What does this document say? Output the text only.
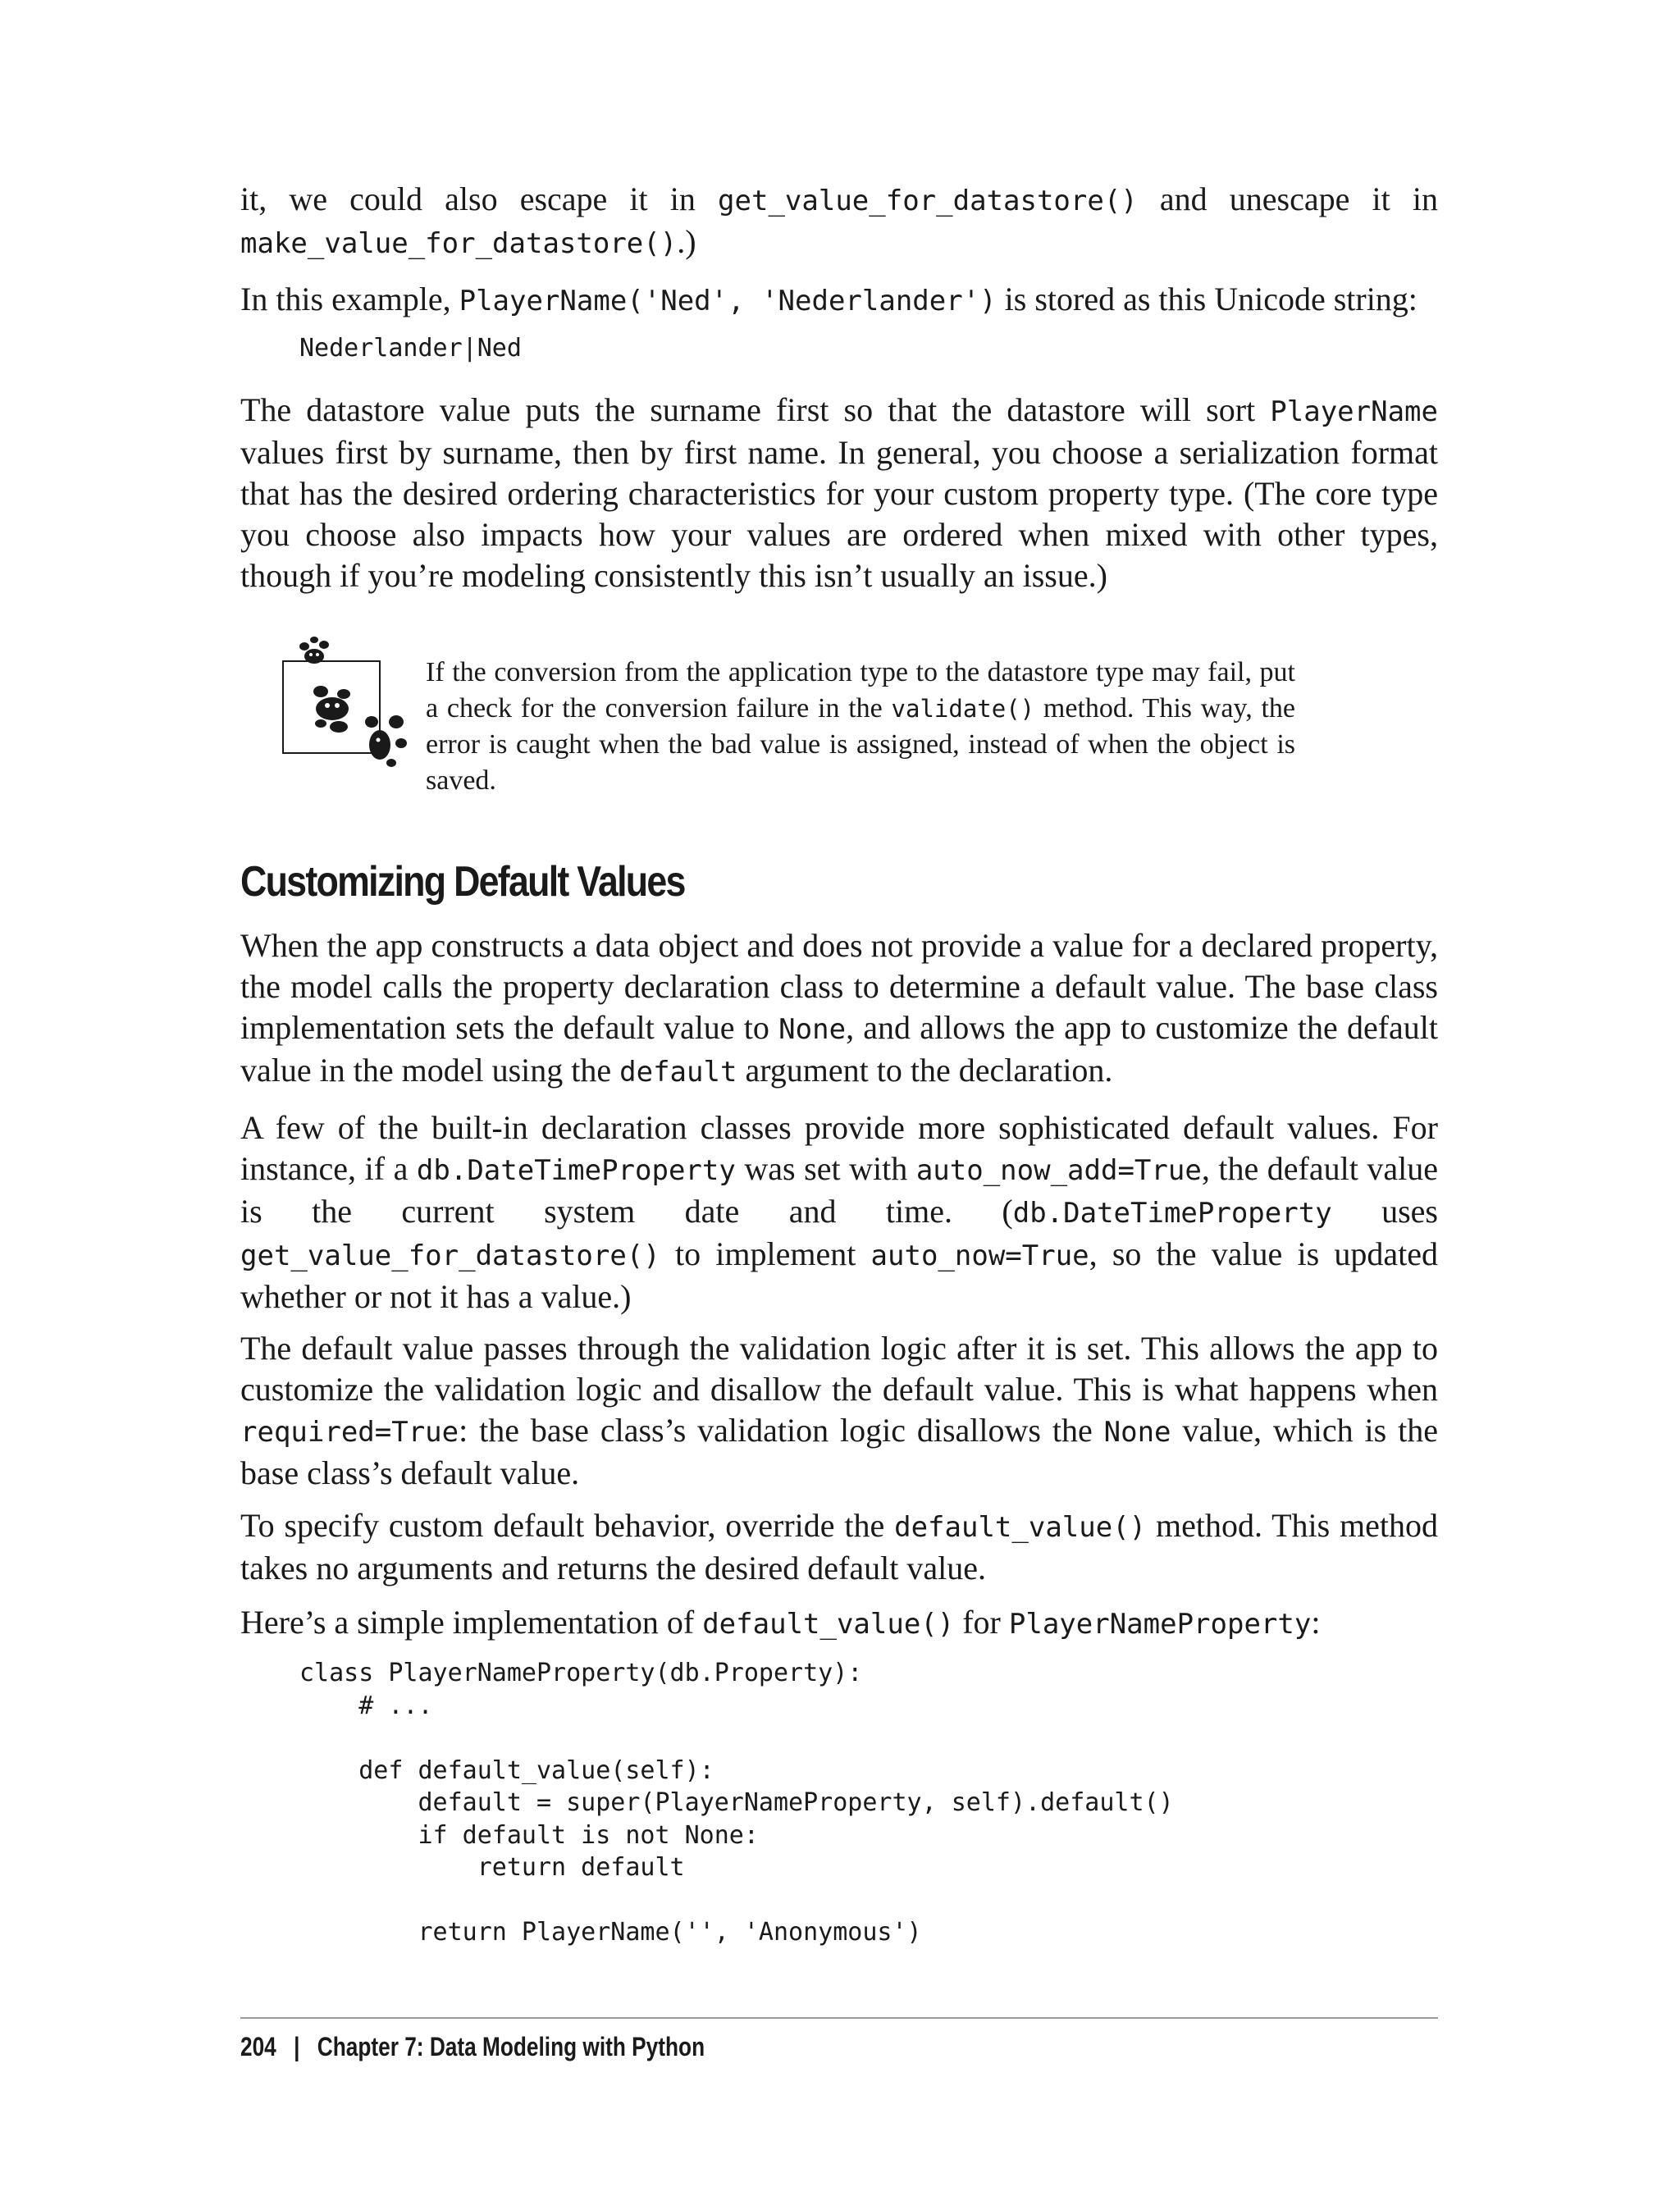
it, we could also escape it in get_value_for_datastore() and unescape it in make_value_for_datastore().)

In this example, PlayerName('Ned', 'Nederlander') is stored as this Unicode string:

Nederlander|Ned

The datastore value puts the surname first so that the datastore will sort PlayerName values first by surname, then by first name. In general, you choose a serialization format that has the desired ordering characteristics for your custom property type. (The core type you choose also impacts how your values are ordered when mixed with other types, though if you’re modeling consistently this isn’t usually an issue.)

If the conversion from the application type to the datastore type may fail, put a check for the conversion failure in the validate() method. This way, the error is caught when the bad value is assigned, instead of when the object is saved.

Customizing Default Values

When the app constructs a data object and does not provide a value for a declared property, the model calls the property declaration class to determine a default value. The base class implementation sets the default value to None, and allows the app to customize the default value in the model using the default argument to the declaration.

A few of the built-in declaration classes provide more sophisticated default values. For instance, if a db.DateTimeProperty was set with auto_now_add=True, the default value is the current system date and time. (db.DateTimeProperty uses get_value_for_datastore() to implement auto_now=True, so the value is updated whether or not it has a value.)

The default value passes through the validation logic after it is set. This allows the app to customize the validation logic and disallow the default value. This is what happens when required=True: the base class’s validation logic disallows the None value, which is the base class’s default value.

To specify custom default behavior, override the default_value() method. This method takes no arguments and returns the desired default value.

Here’s a simple implementation of default_value() for PlayerNameProperty:

class PlayerNameProperty(db.Property):
# ...

def default_value(self):
default = super(PlayerNameProperty, self).default()
if default is not None:
return default

return PlayerName('', 'Anonymous')
204 | Chapter 7: Data Modeling with Python
